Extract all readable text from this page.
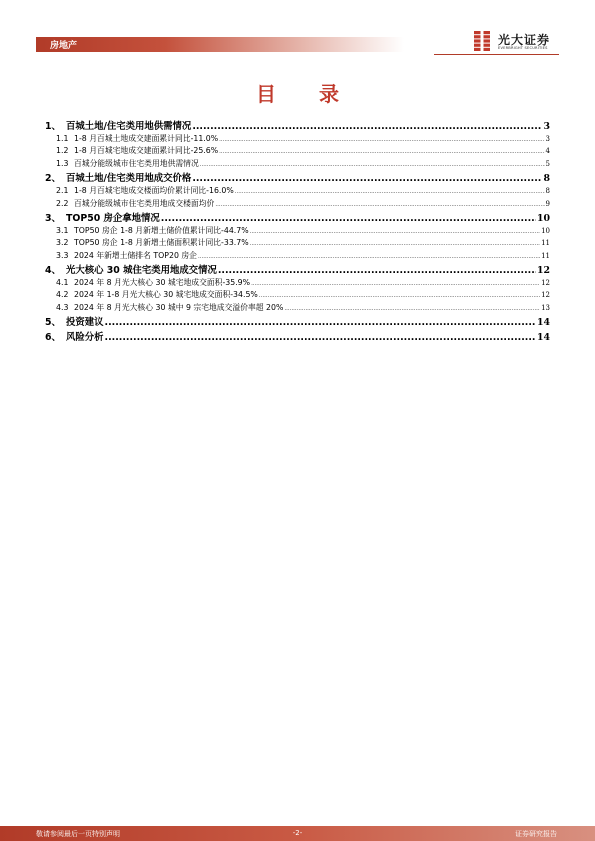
房地产	光大证券
EVERBRIGHT SECURITIES
目 录
1、 百城土地/住宅类用地供需情况 .....	3
1.1 1-8 月百城土地成交建面累计同比-11.0% .....	3
1.2 1-8 月百城宅地成交建面累计同比-25.6% .....	4
1.3 百城分能级城市住宅类用地供需情况 .....	5
2、 百城土地/住宅类用地成交价格 .....	8
2.1 1-8 月百城宅地成交楼面均价累计同比-16.0% .....	8
2.2 百城分能级城市住宅类用地成交楼面均价 .....	9
3、 TOP50 房企拿地情况 .....	10
3.1 TOP50 房企 1-8 月新增土储价值累计同比-44.7% .....	10
3.2 TOP50 房企 1-8 月新增土储面积累计同比-33.7% .....	11
3.3 2024 年新增土储排名 TOP20 房企 .....	11
4、 光大核心 30 城住宅类用地成交情况 .....	12
4.1 2024 年 8 月光大核心 30 城宅地成交面积-35.9% .....	12
4.2 2024 年 1-8 月光大核心 30 城宅地成交面积-34.5% .....	12
4.3 2024 年 8 月光大核心 30 城中 9 宗宅地成交溢价率超 20% .....	13
5、 投资建议 .....	14
6、 风险分析 .....	14
敬请参阅最后一页特别声明	-2-	证券研究报告
